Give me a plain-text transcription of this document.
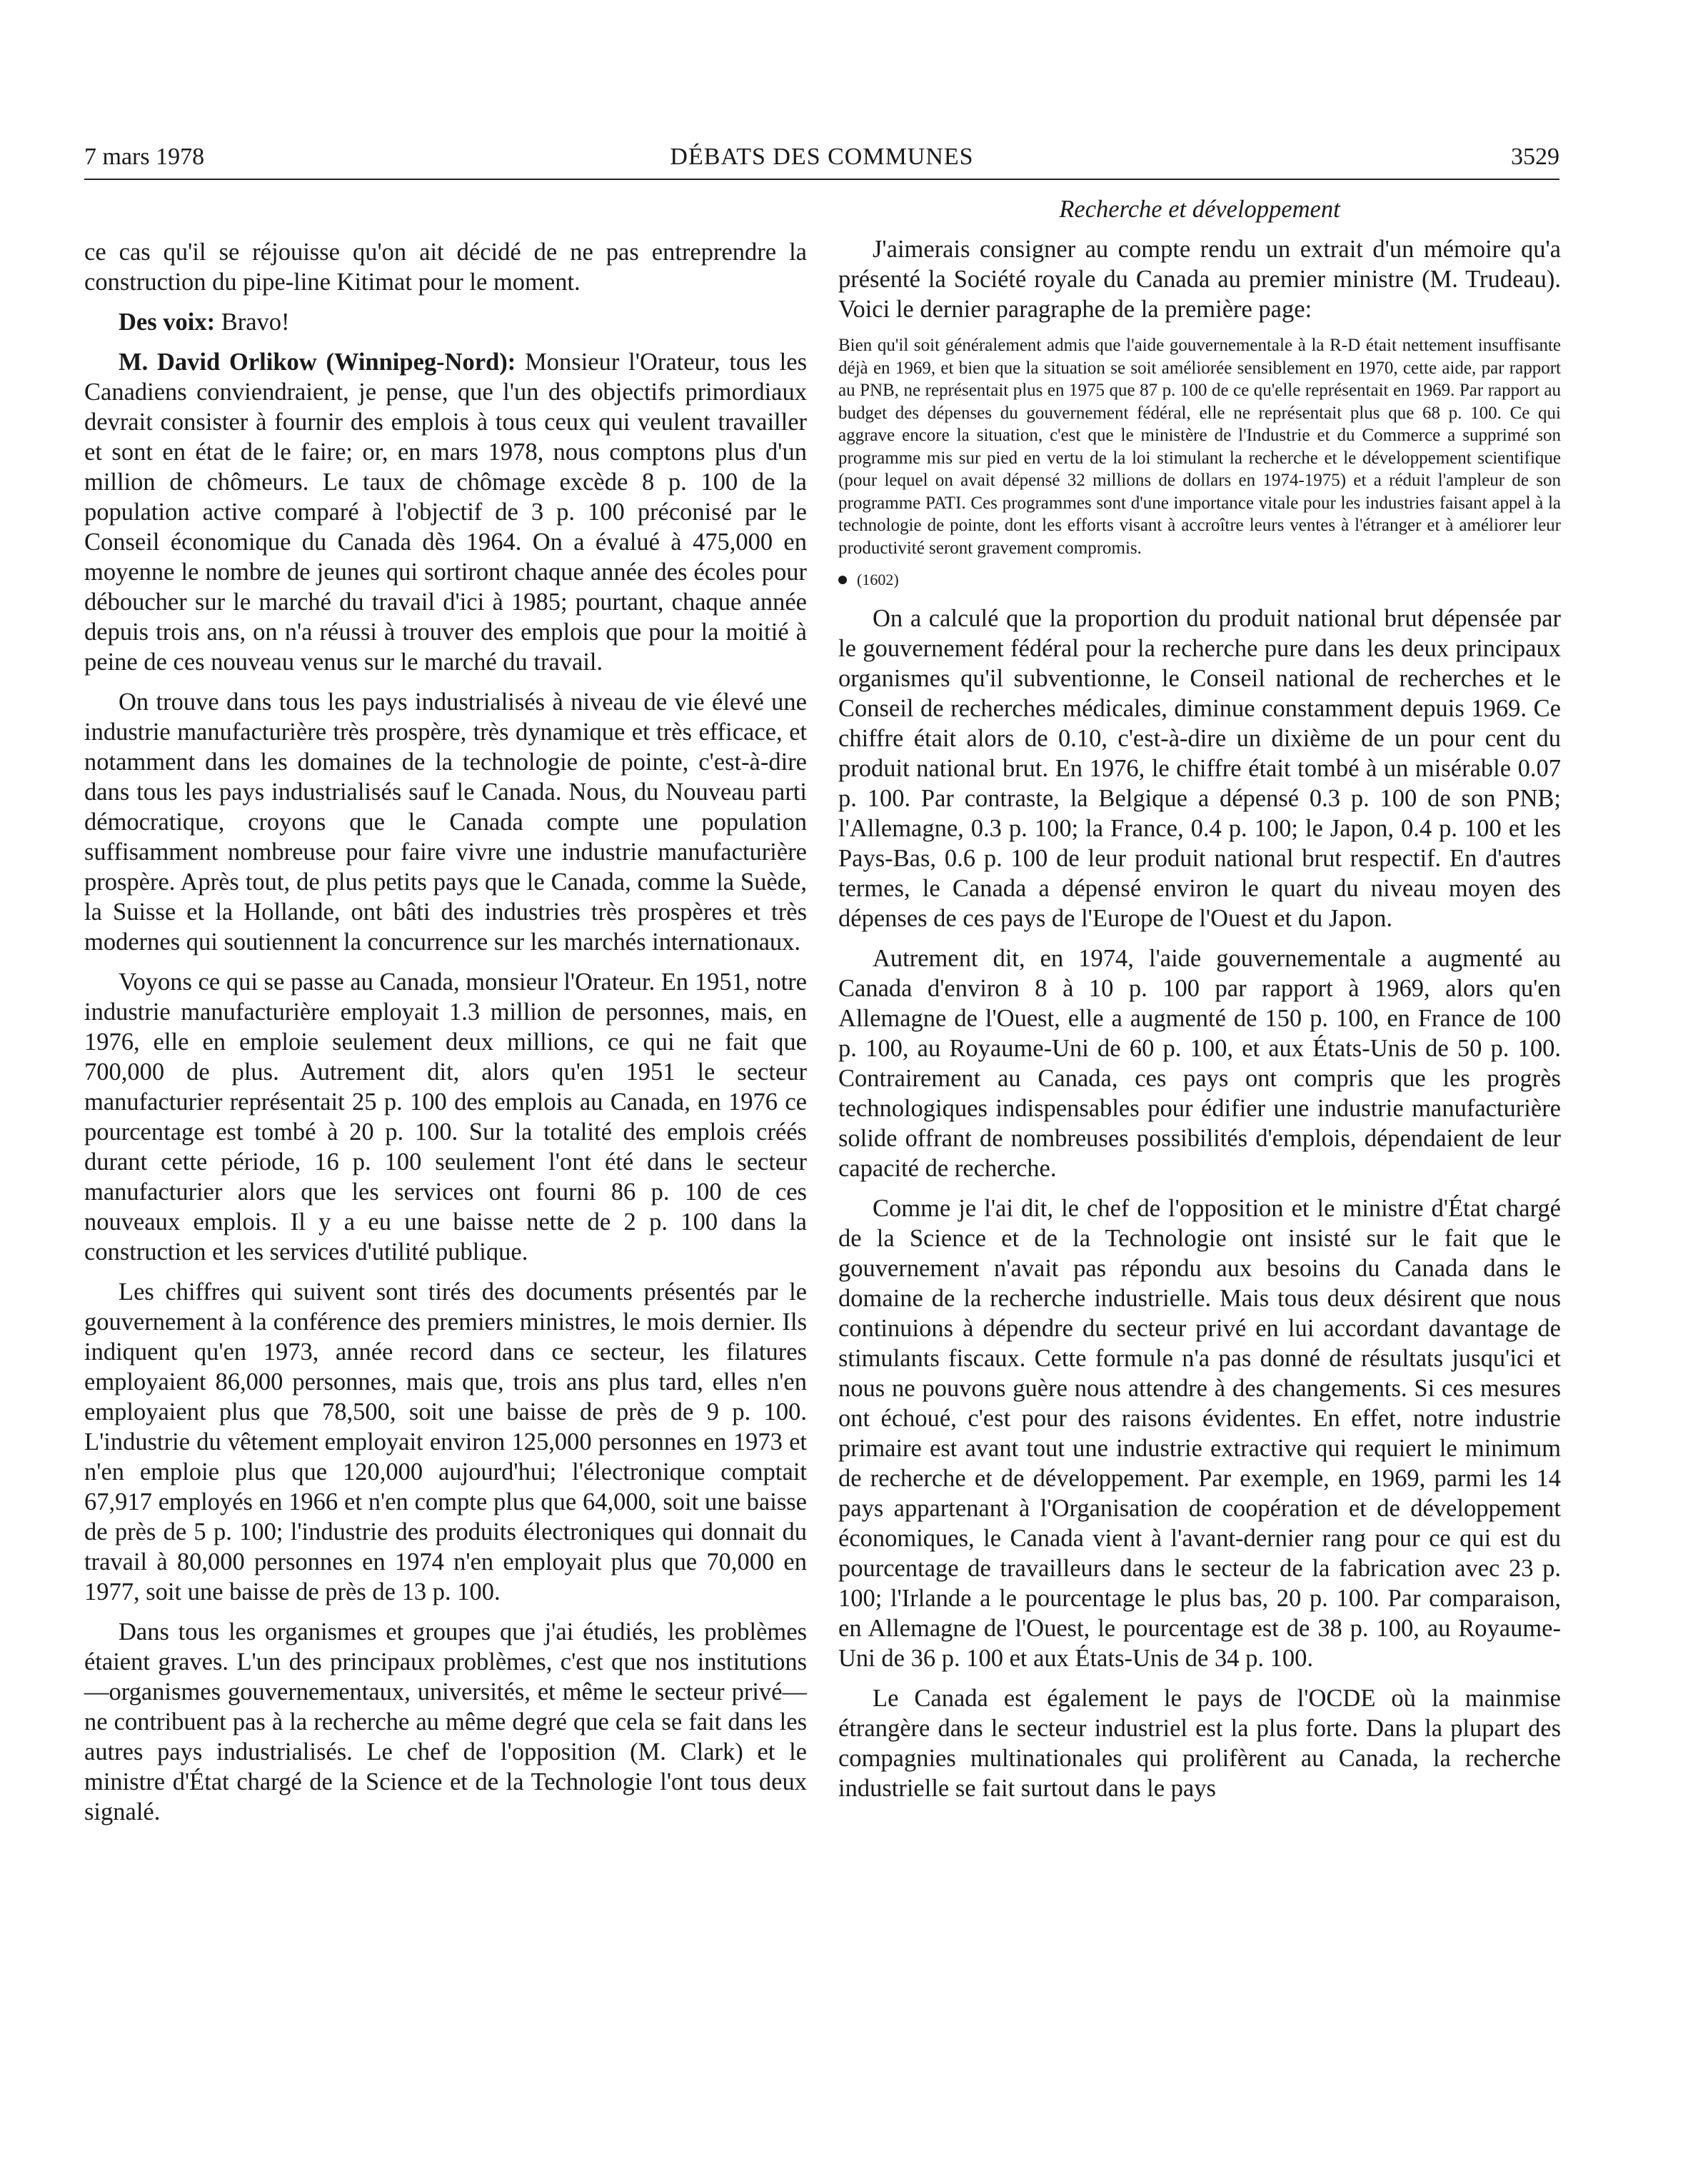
7 mars 1978	DÉBATS DES COMMUNES	3529

ce cas qu'il se réjouisse qu'on ait décidé de ne pas entreprendre la construction du pipe-line Kitimat pour le moment.

Des voix: Bravo!

M. David Orlikow (Winnipeg-Nord): Monsieur l'Orateur, tous les Canadiens conviendraient, je pense, que l'un des objectifs primordiaux devrait consister à fournir des emplois à tous ceux qui veulent travailler et sont en état de le faire; or, en mars 1978, nous comptons plus d'un million de chômeurs. Le taux de chômage excède 8 p. 100 de la population active comparé à l'objectif de 3 p. 100 préconisé par le Conseil économique du Canada dès 1964. On a évalué à 475,000 en moyenne le nombre de jeunes qui sortiront chaque année des écoles pour déboucher sur le marché du travail d'ici à 1985; pourtant, chaque année depuis trois ans, on n'a réussi à trouver des emplois que pour la moitié à peine de ces nouveau venus sur le marché du travail.

On trouve dans tous les pays industrialisés à niveau de vie élevé une industrie manufacturière très prospère, très dynamique et très efficace, et notamment dans les domaines de la technologie de pointe, c'est-à-dire dans tous les pays industrialisés sauf le Canada. Nous, du Nouveau parti démocratique, croyons que le Canada compte une population suffisamment nombreuse pour faire vivre une industrie manufacturière prospère. Après tout, de plus petits pays que le Canada, comme la Suède, la Suisse et la Hollande, ont bâti des industries très prospères et très modernes qui soutiennent la concurrence sur les marchés internationaux.

Voyons ce qui se passe au Canada, monsieur l'Orateur. En 1951, notre industrie manufacturière employait 1.3 million de personnes, mais, en 1976, elle en emploie seulement deux millions, ce qui ne fait que 700,000 de plus. Autrement dit, alors qu'en 1951 le secteur manufacturier représentait 25 p. 100 des emplois au Canada, en 1976 ce pourcentage est tombé à 20 p. 100. Sur la totalité des emplois créés durant cette période, 16 p. 100 seulement l'ont été dans le secteur manufacturier alors que les services ont fourni 86 p. 100 de ces nouveaux emplois. Il y a eu une baisse nette de 2 p. 100 dans la construction et les services d'utilité publique.

Les chiffres qui suivent sont tirés des documents présentés par le gouvernement à la conférence des premiers ministres, le mois dernier. Ils indiquent qu'en 1973, année record dans ce secteur, les filatures employaient 86,000 personnes, mais que, trois ans plus tard, elles n'en employaient plus que 78,500, soit une baisse de près de 9 p. 100. L'industrie du vêtement employait environ 125,000 personnes en 1973 et n'en emploie plus que 120,000 aujourd'hui; l'électronique comptait 67,917 employés en 1966 et n'en compte plus que 64,000, soit une baisse de près de 5 p. 100; l'industrie des produits électroniques qui donnait du travail à 80,000 personnes en 1974 n'en employait plus que 70,000 en 1977, soit une baisse de près de 13 p. 100.

Dans tous les organismes et groupes que j'ai étudiés, les problèmes étaient graves. L'un des principaux problèmes, c'est que nos institutions—organismes gouvernementaux, universités, et même le secteur privé—ne contribuent pas à la recherche au même degré que cela se fait dans les autres pays industrialisés. Le chef de l'opposition (M. Clark) et le ministre d'État chargé de la Science et de la Technologie l'ont tous deux signalé.

Recherche et développement

J'aimerais consigner au compte rendu un extrait d'un mémoire qu'a présenté la Société royale du Canada au premier ministre (M. Trudeau). Voici le dernier paragraphe de la première page:

Bien qu'il soit généralement admis que l'aide gouvernementale à la R-D était nettement insuffisante déjà en 1969, et bien que la situation se soit améliorée sensiblement en 1970, cette aide, par rapport au PNB, ne représentait plus en 1975 que 87 p. 100 de ce qu'elle représentait en 1969. Par rapport au budget des dépenses du gouvernement fédéral, elle ne représentait plus que 68 p. 100. Ce qui aggrave encore la situation, c'est que le ministère de l'Industrie et du Commerce a supprimé son programme mis sur pied en vertu de la loi stimulant la recherche et le développement scientifique (pour lequel on avait dépensé 32 millions de dollars en 1974-1975) et a réduit l'ampleur de son programme PATI. Ces programmes sont d'une importance vitale pour les industries faisant appel à la technologie de pointe, dont les efforts visant à accroître leurs ventes à l'étranger et à améliorer leur productivité seront gravement compromis.

(1602)

On a calculé que la proportion du produit national brut dépensée par le gouvernement fédéral pour la recherche pure dans les deux principaux organismes qu'il subventionne, le Conseil national de recherches et le Conseil de recherches médicales, diminue constamment depuis 1969. Ce chiffre était alors de 0.10, c'est-à-dire un dixième de un pour cent du produit national brut. En 1976, le chiffre était tombé à un misérable 0.07 p. 100. Par contraste, la Belgique a dépensé 0.3 p. 100 de son PNB; l'Allemagne, 0.3 p. 100; la France, 0.4 p. 100; le Japon, 0.4 p. 100 et les Pays-Bas, 0.6 p. 100 de leur produit national brut respectif. En d'autres termes, le Canada a dépensé environ le quart du niveau moyen des dépenses de ces pays de l'Europe de l'Ouest et du Japon.

Autrement dit, en 1974, l'aide gouvernementale a augmenté au Canada d'environ 8 à 10 p. 100 par rapport à 1969, alors qu'en Allemagne de l'Ouest, elle a augmenté de 150 p. 100, en France de 100 p. 100, au Royaume-Uni de 60 p. 100, et aux États-Unis de 50 p. 100. Contrairement au Canada, ces pays ont compris que les progrès technologiques indispensables pour édifier une industrie manufacturière solide offrant de nombreuses possibilités d'emplois, dépendaient de leur capacité de recherche.

Comme je l'ai dit, le chef de l'opposition et le ministre d'État chargé de la Science et de la Technologie ont insisté sur le fait que le gouvernement n'avait pas répondu aux besoins du Canada dans le domaine de la recherche industrielle. Mais tous deux désirent que nous continuions à dépendre du secteur privé en lui accordant davantage de stimulants fiscaux. Cette formule n'a pas donné de résultats jusqu'ici et nous ne pouvons guère nous attendre à des changements. Si ces mesures ont échoué, c'est pour des raisons évidentes. En effet, notre industrie primaire est avant tout une industrie extractive qui requiert le minimum de recherche et de développement. Par exemple, en 1969, parmi les 14 pays appartenant à l'Organisation de coopération et de développement économiques, le Canada vient à l'avant-dernier rang pour ce qui est du pourcentage de travailleurs dans le secteur de la fabrication avec 23 p. 100; l'Irlande a le pourcentage le plus bas, 20 p. 100. Par comparaison, en Allemagne de l'Ouest, le pourcentage est de 38 p. 100, au Royaume-Uni de 36 p. 100 et aux États-Unis de 34 p. 100.

Le Canada est également le pays de l'OCDE où la mainmise étrangère dans le secteur industriel est la plus forte. Dans la plupart des compagnies multinationales qui prolifèrent au Canada, la recherche industrielle se fait surtout dans le pays
